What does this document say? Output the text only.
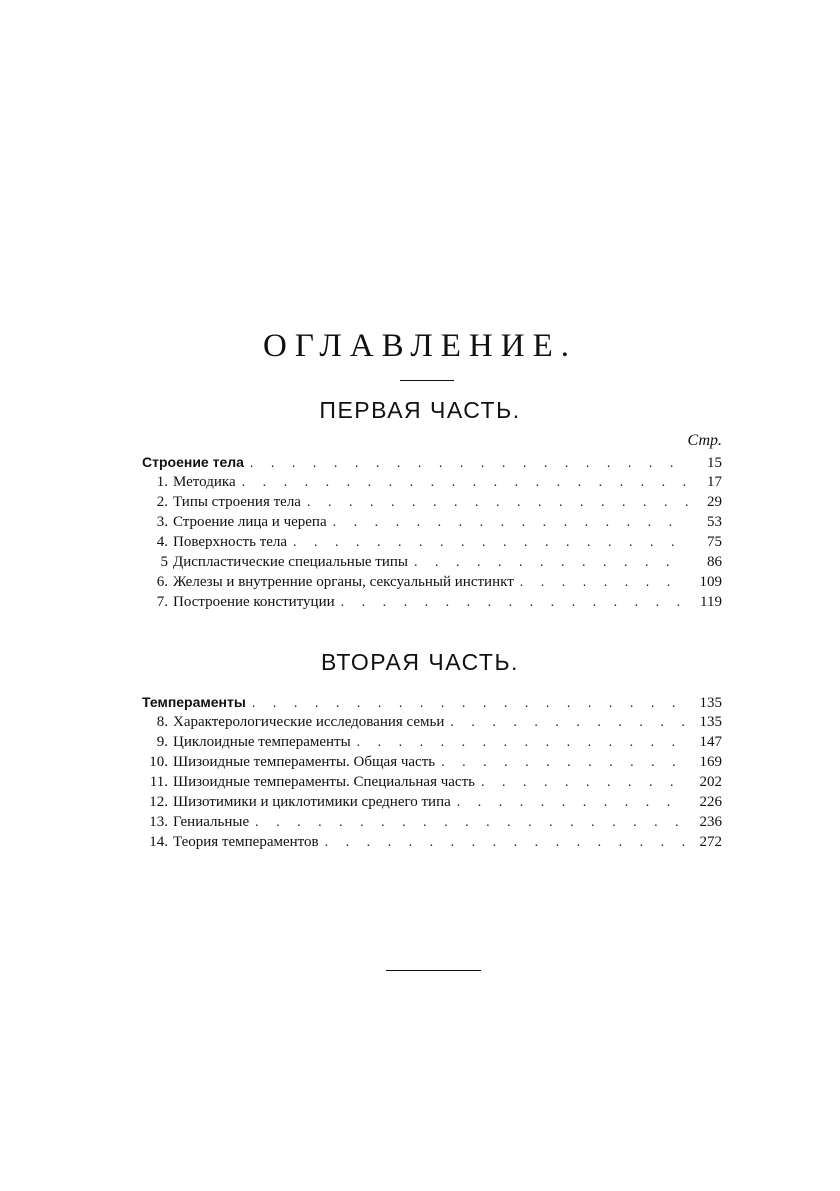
ОГЛАВЛЕНИЕ.
ПЕРВАЯ ЧАСТЬ.
Стр.
Строение тела . . .	15
1. Методика . . .	17
2. Типы строения тела . . .	29
3. Строение лица и черепа . . .	53
4. Поверхность тела . . .	75
5 Диспластические специальные типы . . .	86
6. Железы и внутренние органы, сексуальный инстинкт . . .	109
7. Построение конституции . . .	119
ВТОРАЯ ЧАСТЬ.
Темпераменты . . .	135
8. Характерологические исследования семьи . . .	135
9. Циклоидные темпераменты . . .	147
10. Шизоидные темпераменты. Общая часть . . .	169
11. Шизоидные темпераменты. Специальная часть . . .	202
12. Шизотимики и циклотимики среднего типа . . .	226
13. Гениальные . . .	236
14. Теория темпераментов . . .	272
